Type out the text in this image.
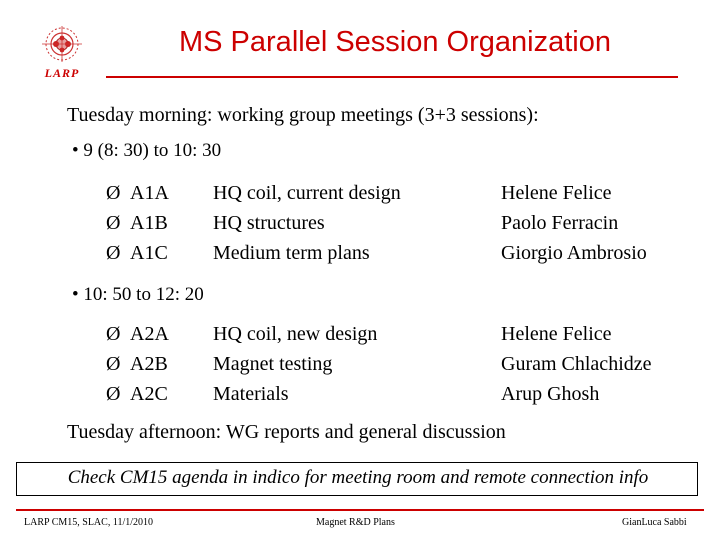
LARP
MS Parallel Session Organization
Tuesday morning: working group meetings (3+3 sessions):
• 9 (8: 30) to 10: 30
Ø A1A HQ coil, current design	Helene Felice
Ø A1B HQ structures	Paolo Ferracin
Ø A1C Medium term plans	Giorgio Ambrosio
• 10: 50 to 12: 20
Ø A2A HQ coil, new design	Helene Felice
Ø A2B Magnet testing	Guram Chlachidze
Ø A2C Materials	Arup Ghosh
Tuesday afternoon: WG reports and general discussion
Check CM15 agenda in indico for meeting room and remote connection info
LARP CM15, SLAC, 11/1/2010	Magnet R&D Plans	GianLuca Sabbi
